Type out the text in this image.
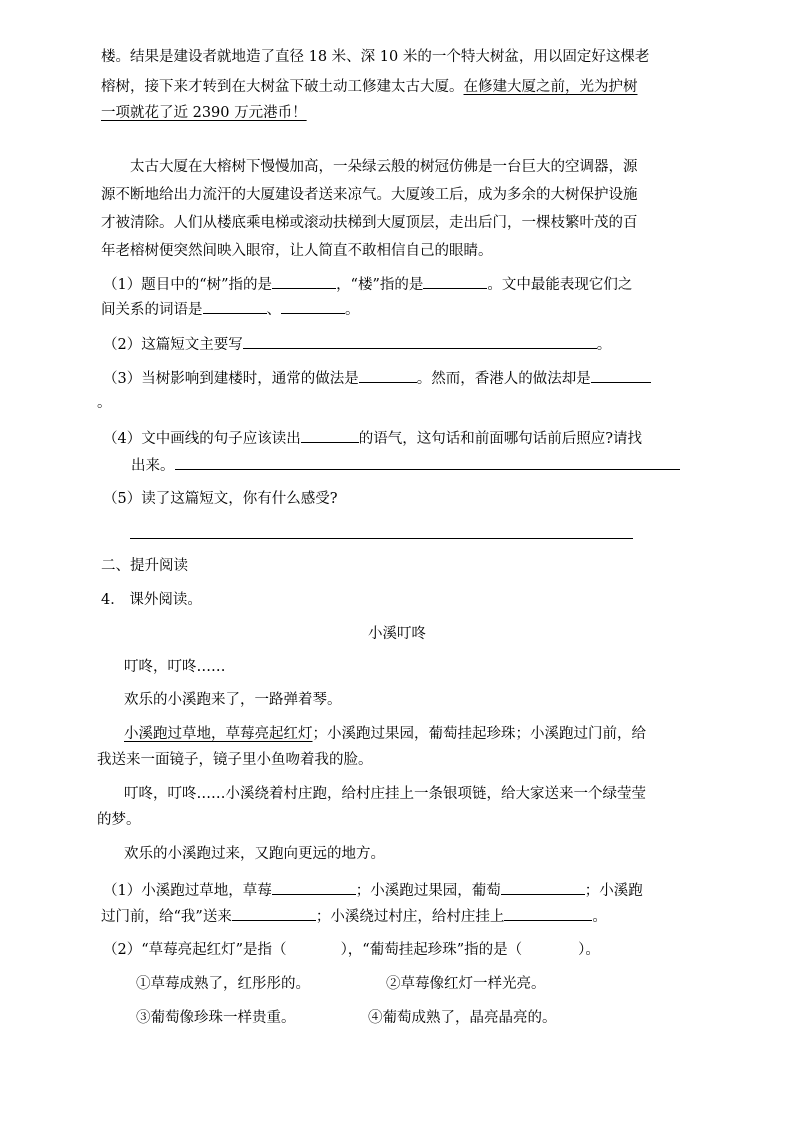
楼。结果是建设者就地造了直径 18 米、深 10 米的一个特大树盆，用以固定好这棵老
榕树，接下来才转到在大树盆下破土动工修建太古大厦。在修建大厦之前，光为护树
一项就花了近 2390 万元港币！
太古大厦在大榕树下慢慢加高，一朵绿云般的树冠仿佛是一台巨大的空调器，源
源不断地给出力流汗的大厦建设者送来凉气。大厦竣工后，成为多余的大树保护设施
才被清除。人们从楼底乘电梯或滚动扶梯到大厦顶层，走出后门，一棵枝繁叶茂的百
年老榕树便突然间映入眼帘，让人简直不敢相信自己的眼睛。
（1）题目中的“树”指的是	，“楼”指的是	。文中最能表现它们之
间关系的词语是	、	。
（2）这篇短文主要写	。
（3）当树影响到建楼时，通常的做法是	。然而，香港人的做法却是
。
（4）文中画线的句子应该读出	的语气，这句话和前面哪句话前后照应?请找
出来。
（5）读了这篇短文，你有什么感受?
二、提升阅读
4． 课外阅读。
小溪叮咚
叮咚，叮咚……
欢乐的小溪跑来了，一路弹着琴。
小溪跑过草地，草莓亮起红灯；小溪跑过果园，葡萄挂起珍珠；小溪跑过门前，给
我送来一面镜子，镜子里小鱼吻着我的脸。
叮咚，叮咚……小溪绕着村庄跑，给村庄挂上一条银项链，给大家送来一个绿莹莹
的梦。
欢乐的小溪跑过来，又跑向更远的地方。
（1）小溪跑过草地，草莓	；小溪跑过果园，葡萄	；小溪跑
过门前，给“我”送来	；小溪绕过村庄，给村庄挂上	。
（2）“草莓亮起红灯”是指（	），“葡萄挂起珍珠”指的是（	）。
①草莓成熟了，红彤彤的。	②草莓像红灯一样光亮。
③葡萄像珍珠一样贵重。	④葡萄成熟了，晶亮晶亮的。
